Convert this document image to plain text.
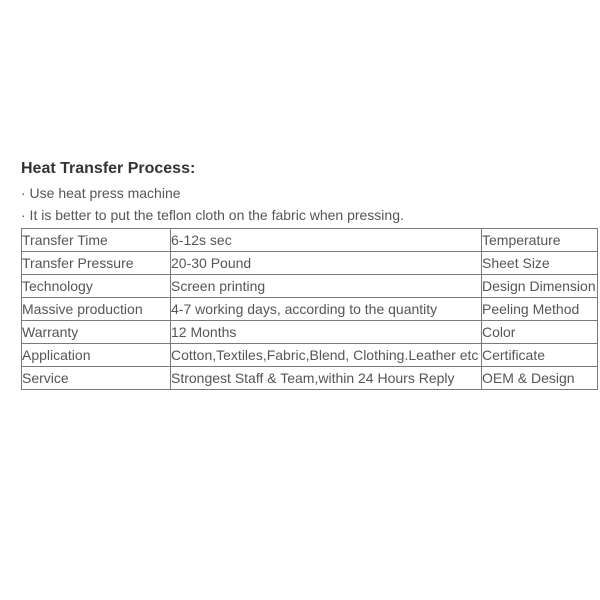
Heat Transfer Process:

· Use heat press machine

· It is better to put the teflon cloth on the fabric when pressing.

Transfer Time	6-12s sec	Temperature
Transfer Pressure	20-30 Pound	Sheet Size
Technology	Screen printing	Design Dimension
Massive production	4-7 working days, according to the quantity	Peeling Method
Warranty	12 Months	Color
Application	Cotton,Textiles,Fabric,Blend, Clothing.Leather etc	Certificate
Service	Strongest Staff & Team,within 24 Hours Reply	OEM & Design
